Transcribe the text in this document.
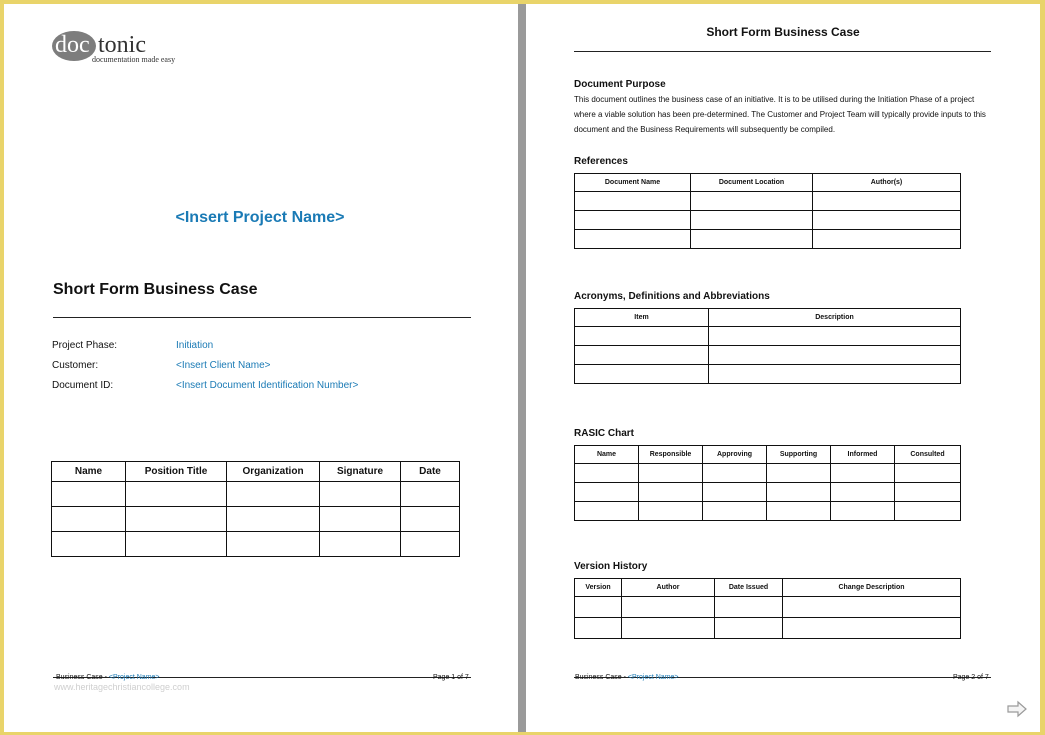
doc tonic
documentation made easy
<Insert Project Name>
Short Form Business Case
Project Phase:	Initiation
Customer:	<Insert Client Name>
Document ID:	<Insert Document Identification Number>
Name	Position Title	Organization	Signature	Date

Business Case - <Project Name>	Page 1 of 7
www.heritagechristiancollege.com
Short Form Business Case
Document Purpose
This document outlines the business case of an initiative. It is to be utilised during the Initiation Phase of a project where a viable solution has been pre-determined. The Customer and Project Team will typically provide inputs to this document and the Business Requirements will subsequently be compiled.
References
Document Name	Document Location	Author(s)

Acronyms, Definitions and Abbreviations
Item	Description

RASIC Chart
Name	Responsible	Approving	Supporting	Informed	Consulted

Version History
Version	Author	Date Issued	Change Description

Business Case - <Project Name>	Page 2 of 7
